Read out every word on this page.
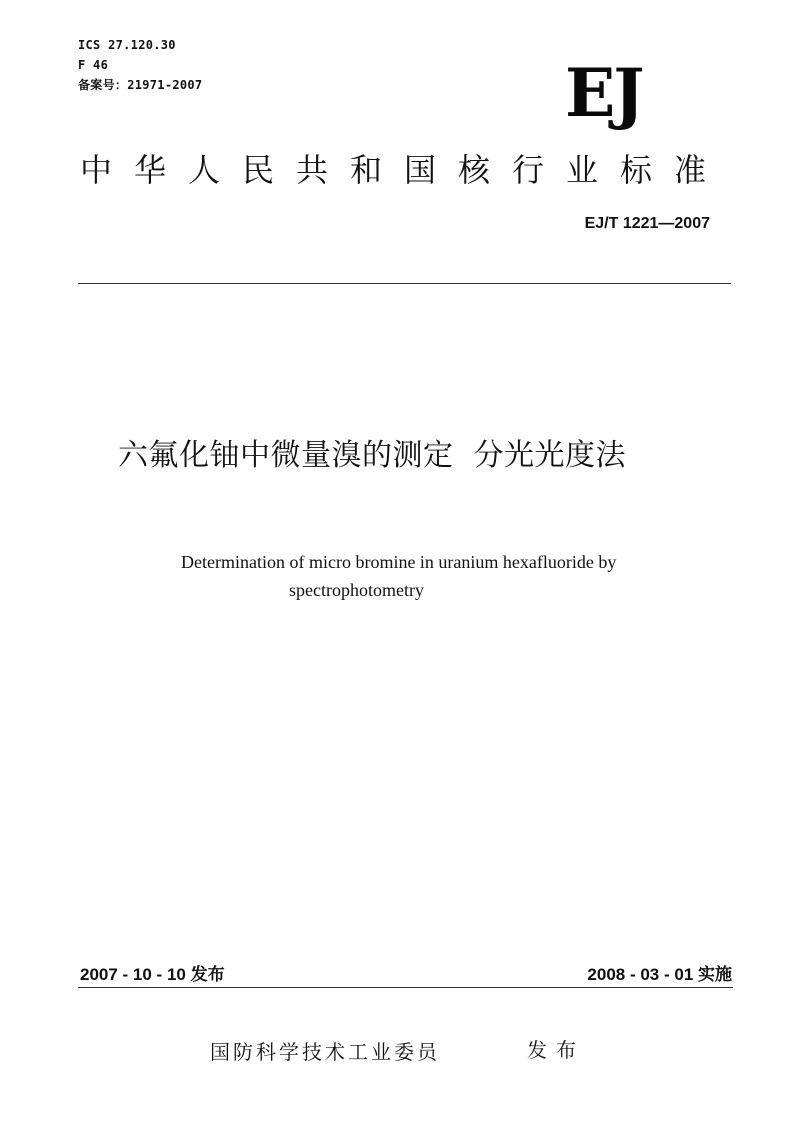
ICS 27.120.30
F 46
备案号：21971-2007	EJ
中华人民共和国核行业标准
EJ/T 1221—2007
六氟化铀中微量溴的测定 分光光度法
Determination of micro bromine in uranium hexafluoride by
spectrophotometry
2007 - 10 - 10 发布	2008 - 03 - 01 实施
国防科学技术工业委员	发布
